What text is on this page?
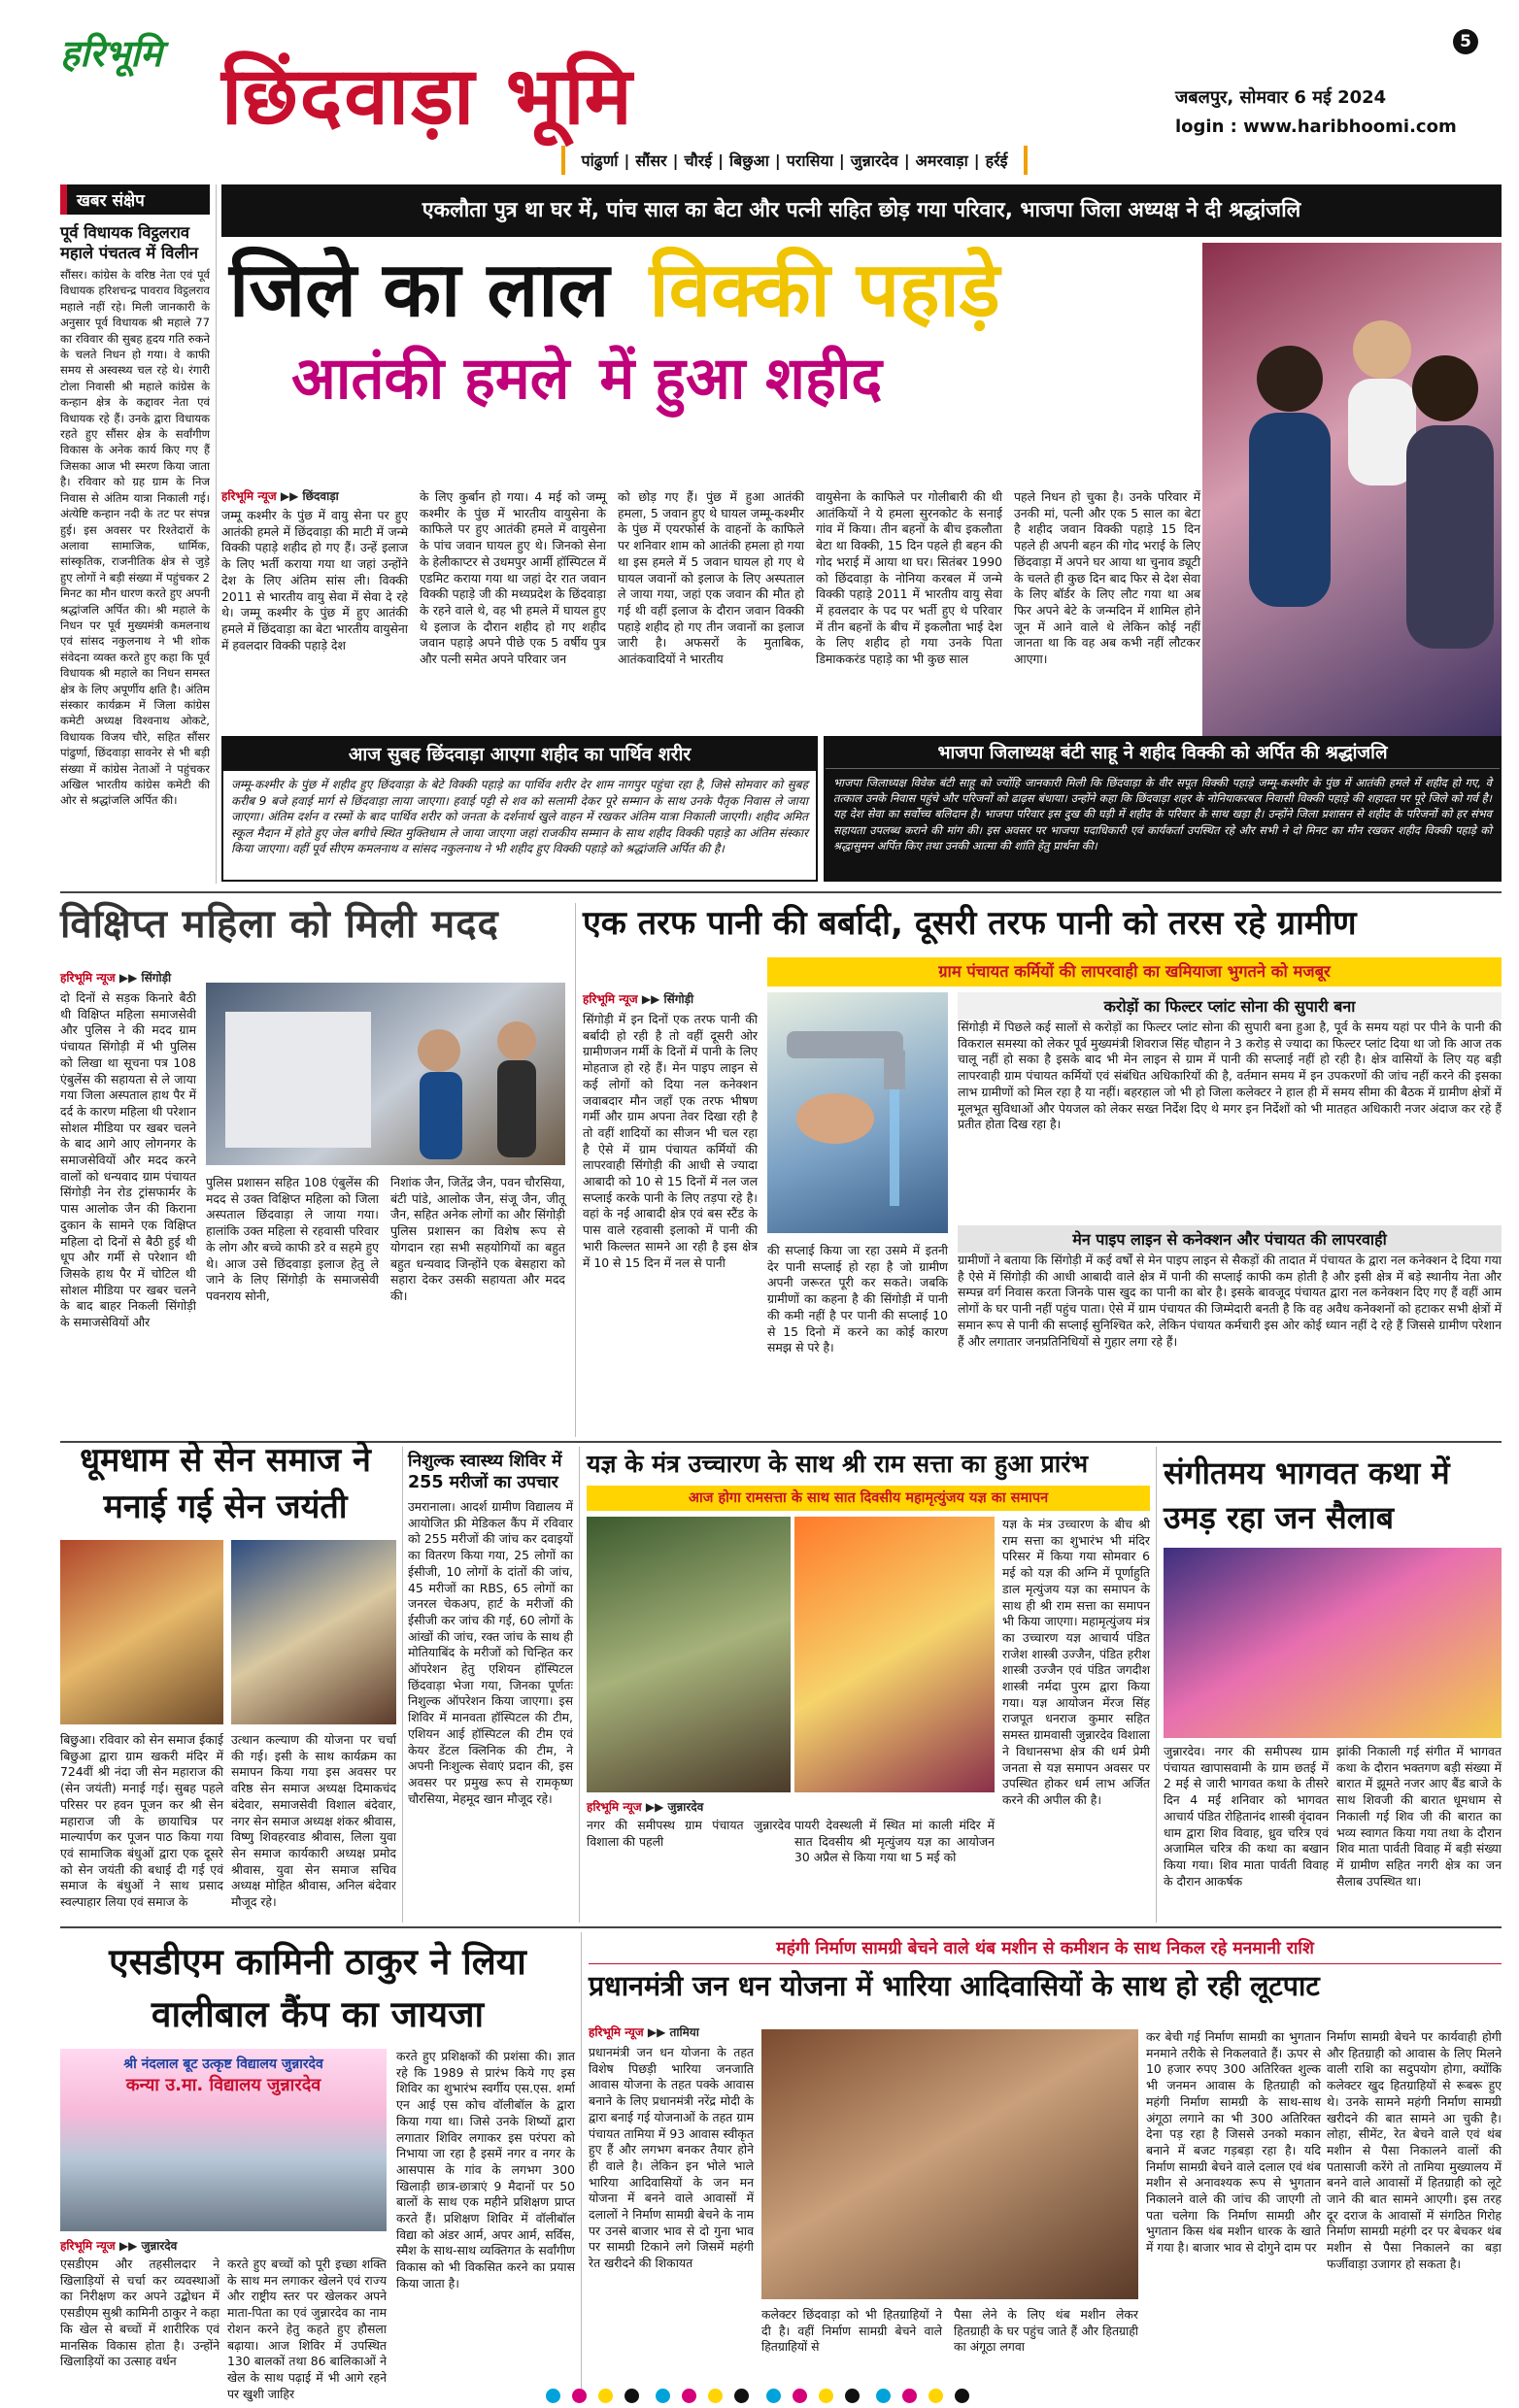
हरिभूमि छिंदवाड़ा भूमि
5
जबलपुर, सोमवार 6 मई 2024
login : www.haribhoomi.com
पांढुर्णा | सौंसर | चौरई | बिछुआ | परासिया | जुन्नारदेव | अमरवाड़ा | हर्रई
खबर संक्षेप
पूर्व विधायक विट्ठलराव महाले पंचतत्व में विलीन
सौंसर। कांग्रेस के वरिष्ठ नेता एवं पूर्व विधायक हरिशचन्द्र पावराव विट्ठलराव महाले नहीं रहे। मिली जानकारी के अनुसार पूर्व विधायक श्री महाले 77 का रविवार की सुबह हृदय गति रुकने के चलते निधन हो गया। वे काफी समय से अस्वस्थ्य चल रहे थे। रंगारी टोला निवासी श्री महाले कांग्रेस के कन्हान क्षेत्र के कद्दावर नेता एवं विधायक रहे हैं। उनके द्वारा विधायक रहते हुए सौंसर क्षेत्र के सर्वांगीण विकास के अनेक कार्य किए गए हैं जिसका आज भी स्मरण किया जाता है। रविवार को ग्रह ग्राम के निज निवास से अंतिम यात्रा निकाली गई। अंत्येष्टि कन्हान नदी के तट पर संपन्न हुई। इस अवसर पर रिश्तेदारों के अलावा सामाजिक, धार्मिक, सांस्कृतिक, राजनीतिक क्षेत्र से जुड़े हुए लोगों ने बड़ी संख्या में पहुंचकर 2 मिनट का मौन धारण करते हुए अपनी श्रद्धांजलि अर्पित की। श्री महाले के निधन पर पूर्व मुख्यमंत्री कमलनाथ एवं सांसद नकुलनाथ ने भी शोक संवेदना व्यक्त करते हुए कहा कि पूर्व विधायक श्री महाले का निधन समस्त क्षेत्र के लिए अपूर्णीय क्षति है। अंतिम संस्कार कार्यक्रम में जिला कांग्रेस कमेटी अध्यक्ष विश्वनाथ ओकटे, विधायक विजय चौरे, सहित सौंसर पांढुर्णा, छिंदवाड़ा सावनेर से भी बड़ी संख्या में कांग्रेस नेताओं ने पहुंचकर अखिल भारतीय कांग्रेस कमेटी की ओर से श्रद्धांजलि अर्पित की।
एकलौता पुत्र था घर में, पांच साल का बेटा और पत्नी सहित छोड़ गया परिवार, भाजपा जिला अध्यक्ष ने दी श्रद्धांजलि
जिले का लाल विक्की पहाड़े
आतंकी हमले में हुआ शहीद
हरिभूमि न्यूज ▶▶ छिंदवाड़ा
जम्मू कश्मीर के पुंछ में वायु सेना पर हुए आतंकी हमले में छिंदवाड़ा की माटी में जन्मे विक्की पहाड़े शहीद हो गए हैं। उन्हें इलाज के लिए भर्ती कराया गया था जहां उन्होंने देश के लिए अंतिम सांस ली। विक्की 2011 से भारतीय वायु सेवा में सेवा दे रहे थे। जम्मू कश्मीर के पुंछ में हुए आतंकी हमले में छिंदवाड़ा का बेटा भारतीय वायुसेना में हवलदार विक्की पहाड़े देश
के लिए कुर्बान हो गया। 4 मई को जम्मू कश्मीर के पुंछ में भारतीय वायुसेना के काफिले पर हुए आतंकी हमले में वायुसेना के पांच जवान घायल हुए थे। जिनको सेना के हेलीकाप्टर से उधमपुर आर्मी हॉस्पिटल में एडमिट कराया गया था जहां देर रात जवान विक्की पहाड़े जी की मध्यप्रदेश के छिंदवाड़ा के रहने वाले थे, वह भी हमले में घायल हुए थे इलाज के दौरान शहीद हो गए शहीद जवान पहाड़े अपने पीछे एक 5 वर्षीय पुत्र और पत्नी समेत अपने परिवार जन
को छोड़ गए हैं। पुंछ में हुआ आतंकी हमला, 5 जवान हुए थे घायल जम्मू-कश्मीर के पुंछ में एयरफोर्स के वाहनों के काफिले पर शनिवार शाम को आतंकी हमला हो गया था इस हमले में 5 जवान घायल हो गए थे घायल जवानों को इलाज के लिए अस्पताल ले जाया गया, जहां एक जवान की मौत हो गई थी वहीं इलाज के दौरान जवान विक्की पहाड़े शहीद हो गए तीन जवानों का इलाज जारी है। अफसरों के मुताबिक, आतंकवादियों ने भारतीय
वायुसेना के काफिले पर गोलीबारी की थी आतंकियों ने ये हमला सुरनकोट के सनाई गांव में किया। तीन बहनों के बीच इकलौता बेटा था विक्की, 15 दिन पहले ही बहन की गोद भराई में आया था घर। सितंबर 1990 को छिंदवाड़ा के नोनिया करबल में जन्मे विक्की पहाड़े 2011 में भारतीय वायु सेवा में हवलदार के पद पर भर्ती हुए थे परिवार में तीन बहनों के बीच में इकलौता भाई देश के लिए शहीद हो गया उनके पिता डिमाककरंड पहाड़े का भी कुछ साल
पहले निधन हो चुका है। उनके परिवार में उनकी मां, पत्नी और एक 5 साल का बेटा है शहीद जवान विक्की पहाड़े 15 दिन पहले ही अपनी बहन की गोद भराई के लिए छिंदवाड़ा में अपने घर आया था चुनाव ड्यूटी के चलते ही कुछ दिन बाद फिर से देश सेवा के लिए बॉर्डर के लिए लौट गया था अब फिर अपने बेटे के जन्मदिन में शामिल होने जून में आने वाले थे लेकिन कोई नहीं जानता था कि वह अब कभी नहीं लौटकर आएगा।
आज सुबह छिंदवाड़ा आएगा शहीद का पार्थिव शरीर
जम्मू-कश्मीर के पुंछ में शहीद हुए छिंदवाड़ा के बेटे विक्की पहाड़े का पार्थिव शरीर देर शाम नागपुर पहुंचा रहा है, जिसे सोमवार को सुबह करीब 9 बजे हवाई मार्ग से छिंदवाड़ा लाया जाएगा। हवाई पट्टी से शव को सलामी देकर पूरे सम्मान के साथ उनके पैतृक निवास ले जाया जाएगा। अंतिम दर्शन व रस्मों के बाद पार्थिव शरीर को जनता के दर्शनार्थ खुले वाहन में रखकर अंतिम यात्रा निकाली जाएगी। शहीद अमित स्कूल मैदान में होते हुए जेल बगीचे स्थित मुक्तिधाम ले जाया जाएगा जहां राजकीय सम्मान के साथ शहीद विक्की पहाड़े का अंतिम संस्कार किया जाएगा। वहीं पूर्व सीएम कमलनाथ व सांसद नकुलनाथ ने भी शहीद हुए विक्की पहाड़े को श्रद्धांजलि अर्पित की है।
भाजपा जिलाध्यक्ष बंटी साहू ने शहीद विक्की को अर्पित की श्रद्धांजलि
भाजपा जिलाध्यक्ष विवेक बंटी साहू को ज्योंहि जानकारी मिली कि छिंदवाड़ा के वीर सपूत विक्की पहाड़े जम्मू-कश्मीर के पुंछ में आतंकी हमले में शहीद हो गए, वे तत्काल उनके निवास पहुंचे और परिजनों को ढाढ़स बंधाया। उन्होंने कहा कि छिंदवाड़ा शहर के नोनियाकरबल निवासी विक्की पहाड़े की शहादत पर पूरे जिले को गर्व है। यह देश सेवा का सर्वोच्च बलिदान है। भाजपा परिवार इस दुख की घड़ी में शहीद के परिवार के साथ खड़ा है। उन्होंने जिला प्रशासन से शहीद के परिजनों को हर संभव सहायता उपलब्ध कराने की मांग की। इस अवसर पर भाजपा पदाधिकारी एवं कार्यकर्ता उपस्थित रहे और सभी ने दो मिनट का मौन रखकर शहीद विक्की पहाड़े को श्रद्धासुमन अर्पित किए तथा उनकी आत्मा की शांति हेतु प्रार्थना की।
विक्षिप्त महिला को मिली मदद
हरिभूमि न्यूज ▶▶ सिंगोड़ी
दो दिनों से सड़क किनारे बैठी थी विक्षिप्त महिला समाजसेवी और पुलिस ने की मदद ग्राम पंचायत सिंगोड़ी में भी पुलिस को लिखा था सूचना पत्र 108 एंबुलेंस की सहायता से ले जाया गया जिला अस्पताल हाथ पैर में दर्द के कारण महिला थी परेशान सोशल मीडिया पर खबर चलने के बाद आगे आए लोगनगर के समाजसेवियों और मदद करने वालों को धन्यवाद ग्राम पंचायत सिंगोड़ी नेन रोड ट्रांसफार्मर के पास आलोक जैन की किराना दुकान के सामने एक विक्षिप्त महिला दो दिनों से बैठी हुई थी धूप और गर्मी से परेशान थी जिसके हाथ पैर में चोटिल थी सोशल मीडिया पर खबर चलने के बाद बाहर निकली सिंगोड़ी के समाजसेवियों और
पुलिस प्रशासन सहित 108 एंबुलेंस की मदद से उक्त विक्षिप्त महिला को जिला अस्पताल छिंदवाड़ा ले जाया गया। हालांकि उक्त महिला से रहवासी परिवार के लोग और बच्चे काफी डरे व सहमे हुए थे। आज उसे छिंदवाड़ा इलाज हेतु ले जाने के लिए सिंगोड़ी के समाजसेवी पवनराय सोनी,
निशांक जैन, जितेंद्र जैन, पवन चौरसिया, बंटी पांडे, आलोक जैन, संजू जैन, जीतू जैन, सहित अनेक लोगों का और सिंगोड़ी पुलिस प्रशासन का विशेष रूप से योगदान रहा सभी सहयोगियों का बहुत बहुत धन्यवाद जिन्होंने एक बेसहारा को सहारा देकर उसकी सहायता और मदद की।
एक तरफ पानी की बर्बादी, दूसरी तरफ पानी को तरस रहे ग्रामीण
ग्राम पंचायत कर्मियों की लापरवाही का खमियाजा भुगतने को मजबूर
हरिभूमि न्यूज ▶▶ सिंगोड़ी
सिंगोड़ी में इन दिनों एक तरफ पानी की बर्बादी हो रही है तो वहीं दूसरी ओर ग्रामीणजन गर्मी के दिनों में पानी के लिए मोहताज हो रहे हैं। मेन पाइप लाइन से कई लोगों को दिया नल कनेक्शन जवाबदार मौन जहाँ एक तरफ भीषण गर्मी और ग्राम अपना तेवर दिखा रही है तो वहीं शादियों का सीजन भी चल रहा है ऐसे में ग्राम पंचायत कर्मियों की लापरवाही सिंगोड़ी की आधी से ज्यादा आबादी को 10 से 15 दिनों में नल जल सप्लाई करके पानी के लिए तड़पा रहे है। वहां के नई आबादी क्षेत्र एवं बस स्टैंड के पास वाले रहवासी इलाको में पानी की भारी किल्लत सामने आ रही है इस क्षेत्र में 10 से 15 दिन में नल से पानी
की सप्लाई किया जा रहा उसमे में इतनी देर पानी सप्लाई हो रहा है जो ग्रामीण अपनी जरूरत पूरी कर सकते। जबकि ग्रामीणों का कहना है की सिंगोड़ी में पानी की कमी नहीं है पर पानी की सप्लाई 10 से 15 दिनो में करने का कोई कारण समझ से परे है।
करोड़ों का फिल्टर प्लांट सोना की सुपारी बना
सिंगोड़ी में पिछले कई सालों से करोड़ों का फिल्टर प्लांट सोना की सुपारी बना हुआ है, पूर्व के समय यहां पर पीने के पानी की विकराल समस्या को लेकर पूर्व मुख्यमंत्री शिवराज सिंह चौहान ने 3 करोड़ से ज्यादा का फिल्टर प्लांट दिया था जो कि आज तक चालू नहीं हो सका है इसके बाद भी मेन लाइन से ग्राम में पानी की सप्लाई नहीं हो रही है। क्षेत्र वासियों के लिए यह बड़ी लापरवाही ग्राम पंचायत कर्मियों एवं संबंधित अधिकारियों की है, वर्तमान समय में इन उपकरणों की जांच नहीं करने की इसका लाभ ग्रामीणों को मिल रहा है या नहीं। बहरहाल जो भी हो जिला कलेक्टर ने हाल ही में समय सीमा की बैठक में ग्रामीण क्षेत्रों में मूलभूत सुविधाओं और पेयजल को लेकर सख्त निर्देश दिए थे मगर इन निर्देशों को भी मातहत अधिकारी नजर अंदाज कर रहे हैं प्रतीत होता दिख रहा है।
मेन पाइप लाइन से कनेक्शन और पंचायत की लापरवाही
ग्रामीणों ने बताया कि सिंगोड़ी में कई वर्षों से मेन पाइप लाइन से सैकड़ों की तादात में पंचायत के द्वारा नल कनेक्शन दे दिया गया है ऐसे में सिंगोड़ी की आधी आबादी वाले क्षेत्र में पानी की सप्लाई काफी कम होती है और इसी क्षेत्र में बड़े स्थानीय नेता और सम्पन्न वर्ग निवास करता जिनके पास खुद का पानी का बोर है। इसके बावजूद पंचायत द्वारा नल कनेक्शन दिए गए हैं वहीं आम लोगों के घर पानी नहीं पहुंच पाता। ऐसे में ग्राम पंचायत की जिम्मेदारी बनती है कि वह अवैध कनेक्शनों को हटाकर सभी क्षेत्रों में समान रूप से पानी की सप्लाई सुनिश्चित करे, लेकिन पंचायत कर्मचारी इस ओर कोई ध्यान नहीं दे रहे हैं जिससे ग्रामीण परेशान हैं और लगातार जनप्रतिनिधियों से गुहार लगा रहे हैं।
धूमधाम से सेन समाज ने मनाई गई सेन जयंती
बिछुआ। रविवार को सेन समाज ईकाई बिछुआ द्वारा ग्राम खकरी मंदिर में 724वीं श्री नंदा जी सेन महाराज की (सेन जयंती) मनाई गई। सुबह पहले परिसर पर हवन पूजन कर श्री सेन महाराज जी के छायाचित्र पर माल्यार्पण कर पूजन पाठ किया गया एवं सामाजिक बंधुओं द्वारा एक दूसरे को सेन जयंती की बधाई दी गई एवं समाज के बंधुओं ने साथ प्रसाद स्वल्पाहार लिया एवं समाज के
उत्थान कल्याण की योजना पर चर्चा की गई। इसी के साथ कार्यक्रम का समापन किया गया इस अवसर पर वरिष्ठ सेन समाज अध्यक्ष दिमाकचंद बंदेवार, समाजसेवी विशाल बंदेवार, नगर सेन समाज अध्यक्ष शंकर श्रीवास, विष्णु शिवहरवाड श्रीवास, लिला युवा सेन समाज कार्यकारी अध्यक्ष प्रमोद श्रीवास, युवा सेन समाज सचिव अध्यक्ष मोहित श्रीवास, अनिल बंदेवार मौजूद रहे।
निशुल्क स्वास्थ्य शिविर में 255 मरीजों का उपचार
उमरानाला। आदर्श ग्रामीण विद्यालय में आयोजित फ्री मेडिकल कैंप में रविवार को 255 मरीजों की जांच कर दवाइयों का वितरण किया गया, 25 लोगों का ईसीजी, 10 लोगों के दांतों की जांच, 45 मरीजों का RBS, 65 लोगों का जनरल चेकअप, हार्ट के मरीजों की ईसीजी कर जांच की गई, 60 लोगों के आंखों की जांच, रक्त जांच के साथ ही मोतियाबिंद के मरीजों को चिन्हित कर ऑपरेशन हेतु एशियन हॉस्पिटल छिंदवाड़ा भेजा गया, जिनका पूर्णतः निशुल्क ऑपरेशन किया जाएगा। इस शिविर में मानवता हॉस्पिटल की टीम, एशियन आई हॉस्पिटल की टीम एवं केयर डेंटल क्लिनिक की टीम, ने अपनी निःशुल्क सेवाएं प्रदान की, इस अवसर पर प्रमुख रूप से रामकृष्ण चौरसिया, मेहमूद खान मौजूद रहे।
यज्ञ के मंत्र उच्चारण के साथ श्री राम सत्ता का हुआ प्रारंभ
आज होगा रामसत्ता के साथ सात दिवसीय महामृत्युंजय यज्ञ का समापन
हरिभूमि न्यूज ▶▶ जुन्नारदेव
नगर की समीपस्थ ग्राम पंचायत जुन्नारदेव विशाला की पहली
पायरी देवस्थली में स्थित मां काली मंदिर में सात दिवसीय श्री मृत्युंजय यज्ञ का आयोजन 30 अप्रैल से किया गया था 5 मई को
यज्ञ के मंत्र उच्चारण के बीच श्री राम सत्ता का शुभारंभ भी मंदिर परिसर में किया गया सोमवार 6 मई को यज्ञ की अग्नि में पूर्णाहुति डाल मृत्युंजय यज्ञ का समापन के साथ ही श्री राम सत्ता का समापन भी किया जाएगा। महामृत्युंजय मंत्र का उच्चारण यज्ञ आचार्य पंडित राजेश शास्त्री उज्जैन, पंडित हरीश शास्त्री उज्जैन एवं पंडित जगदीश शास्त्री नर्मदा पुरम द्वारा किया गया। यज्ञ आयोजन मेंरज सिंह राजपूत धनराज कुमार सहित समस्त ग्रामवासी जुन्नारदेव विशाला ने विधानसभा क्षेत्र की धर्म प्रेमी जनता से यज्ञ समापन अवसर पर उपस्थित होकर धर्म लाभ अर्जित करने की अपील की है।
संगीतमय भागवत कथा में उमड़ रहा जन सैलाब
जुन्नारदेव। नगर की समीपस्थ ग्राम पंचायत खापासवामी के ग्राम छतई में 2 मई से जारी भागवत कथा के तीसरे दिन 4 मई शनिवार को भागवत आचार्य पंडित रोहितानंद शास्त्री वृंदावन धाम द्वारा शिव विवाह, ध्रुव चरित्र एवं अजामिल चरित्र की कथा का बखान किया गया। शिव माता पार्वती विवाह के दौरान आकर्षक
झांकी निकाली गई संगीत में भागवत कथा के दौरान भक्तगण बड़ी संख्या में बारात में झूमते नजर आए बैंड बाजे के साथ शिवजी की बारात धूमधाम से निकाली गई शिव जी की बारात का भव्य स्वागत किया गया तथा के दौरान शिव माता पार्वती विवाह में बड़ी संख्या में ग्रामीण सहित नगरी क्षेत्र का जन सैलाब उपस्थित था।
एसडीएम कामिनी ठाकुर ने लिया वालीबाल कैंप का जायजा
श्री नंदलाल बूट उत्कृष्ट विद्यालय जुन्नारदेव
कन्या उ.मा. विद्यालय जुन्नारदेव
हरिभूमि न्यूज ▶▶ जुन्नारदेव
एसडीएम और तहसीलदार ने खिलाड़ियों से चर्चा कर व्यवस्थाओं का निरीक्षण कर अपने उद्बोधन में एसडीएम सुश्री कामिनी ठाकुर ने कहा कि खेल से बच्चों में शारीरिक एवं मानसिक विकास होता है। उन्होंने खिलाड़ियों का उत्साह वर्धन
करते हुए बच्चों को पूरी इच्छा शक्ति के साथ मन लगाकर खेलने एवं राज्य और राष्ट्रीय स्तर पर खेलकर अपने माता-पिता का एवं जुन्नारदेव का नाम रोशन करने हेतु कहते हुए हौसला बढ़ाया। आज शिविर में उपस्थित 130 बालकों तथा 86 बालिकाओं ने खेल के साथ पढ़ाई में भी आगे रहने पर खुशी जाहिर
करते हुए प्रशिक्षकों की प्रशंसा की। ज्ञात रहे कि 1989 से प्रारंभ किये गए इस शिविर का शुभारंभ स्वर्गीय एस.एस. शर्मा एन आई एस कोच वॉलीबॉल के द्वारा किया गया था। जिसे उनके शिष्यों द्वारा लगातार शिविर लगाकर इस परंपरा को निभाया जा रहा है इसमें नगर व नगर के आसपास के गांव के लगभग 300 खिलाड़ी छात्र-छात्राएं 9 मैदानों पर 50 बालों के साथ एक महीने प्रशिक्षण प्राप्त करते हैं। प्रशिक्षण शिविर में वॉलीबॉल विद्या को अंडर आर्म, अपर आर्म, सर्विस, स्मैश के साथ-साथ व्यक्तिगत के सर्वांगीण विकास को भी विकसित करने का प्रयास किया जाता है।
महंगी निर्माण सामग्री बेचने वाले थंब मशीन से कमीशन के साथ निकल रहे मनमानी राशि
प्रधानमंत्री जन धन योजना में भारिया आदिवासियों के साथ हो रही लूटपाट
हरिभूमि न्यूज ▶▶ तामिया
प्रधानमंत्री जन धन योजना के तहत विशेष पिछड़ी भारिया जनजाति आवास योजना के तहत पक्के आवास बनाने के लिए प्रधानमंत्री नरेंद्र मोदी के द्वारा बनाई गई योजनाओं के तहत ग्राम पंचायत तामिया में 93 आवास स्वीकृत हुए हैं और लगभग बनकर तैयार होने ही वाले है। लेकिन इन भोले भाले भारिया आदिवासियों के जन मन योजना में बनने वाले आवासों में दलालों ने निर्माण सामग्री बेचने के नाम पर उनसे बाजार भाव से दो गुना भाव पर सामग्री टिकाने लगे जिसमें महंगी रेत खरीदने की शिकायत
कलेक्टर छिंदवाड़ा को भी हितग्राहियों ने दी है। वहीं निर्माण सामग्री बेचने वाले हितग्राहियों से
पैसा लेने के लिए थंब मशीन लेकर हितग्राही के घर पहुंच जाते हैं और हितग्राही का अंगूठा लगवा
कर बेची गई निर्माण सामग्री का भुगतान मनमाने तरीके से निकलवाते हैं। ऊपर से 10 हजार रुपए 300 अतिरिक्त शुल्क भी जनमन आवास के हितग्राही को महंगी निर्माण सामग्री के साथ-साथ अंगूठा लगाने का भी 300 अतिरिक्त देना पड़ रहा है जिससे उनको मकान बनाने में बजट गड़बड़ा रहा है। यदि निर्माण सामग्री बेचने वाले दलाल एवं थंब मशीन से अनावश्यक रूप से भुगतान निकालने वाले की जांच की जाएगी तो पता चलेगा कि निर्माण सामग्री और भुगतान किस थंब मशीन धारक के खाते में गया है। बाजार भाव से दोगुने दाम पर
निर्माण सामग्री बेचने पर कार्यवाही होगी और हितग्राही को आवास के लिए मिलने वाली राशि का सदुपयोग होगा, क्योंकि कलेक्टर खुद हितग्राहियों से रूबरू हुए थे। उनके सामने महंगी निर्माण सामग्री खरीदने की बात सामने आ चुकी है। लोहा, सीमेंट, रेत बेचने वाले एवं थंब मशीन से पैसा निकालने वालों की पतासाजी करेंगे तो तामिया मुख्यालय में बनने वाले आवासों में हितग्राही को लूटे जाने की बात सामने आएगी। इस तरह दूर दराज के आवासों में संगठित गिरोह निर्माण सामग्री महंगी दर पर बेचकर थंब मशीन से पैसा निकालने का बड़ा फर्जीवाड़ा उजागर हो सकता है।
